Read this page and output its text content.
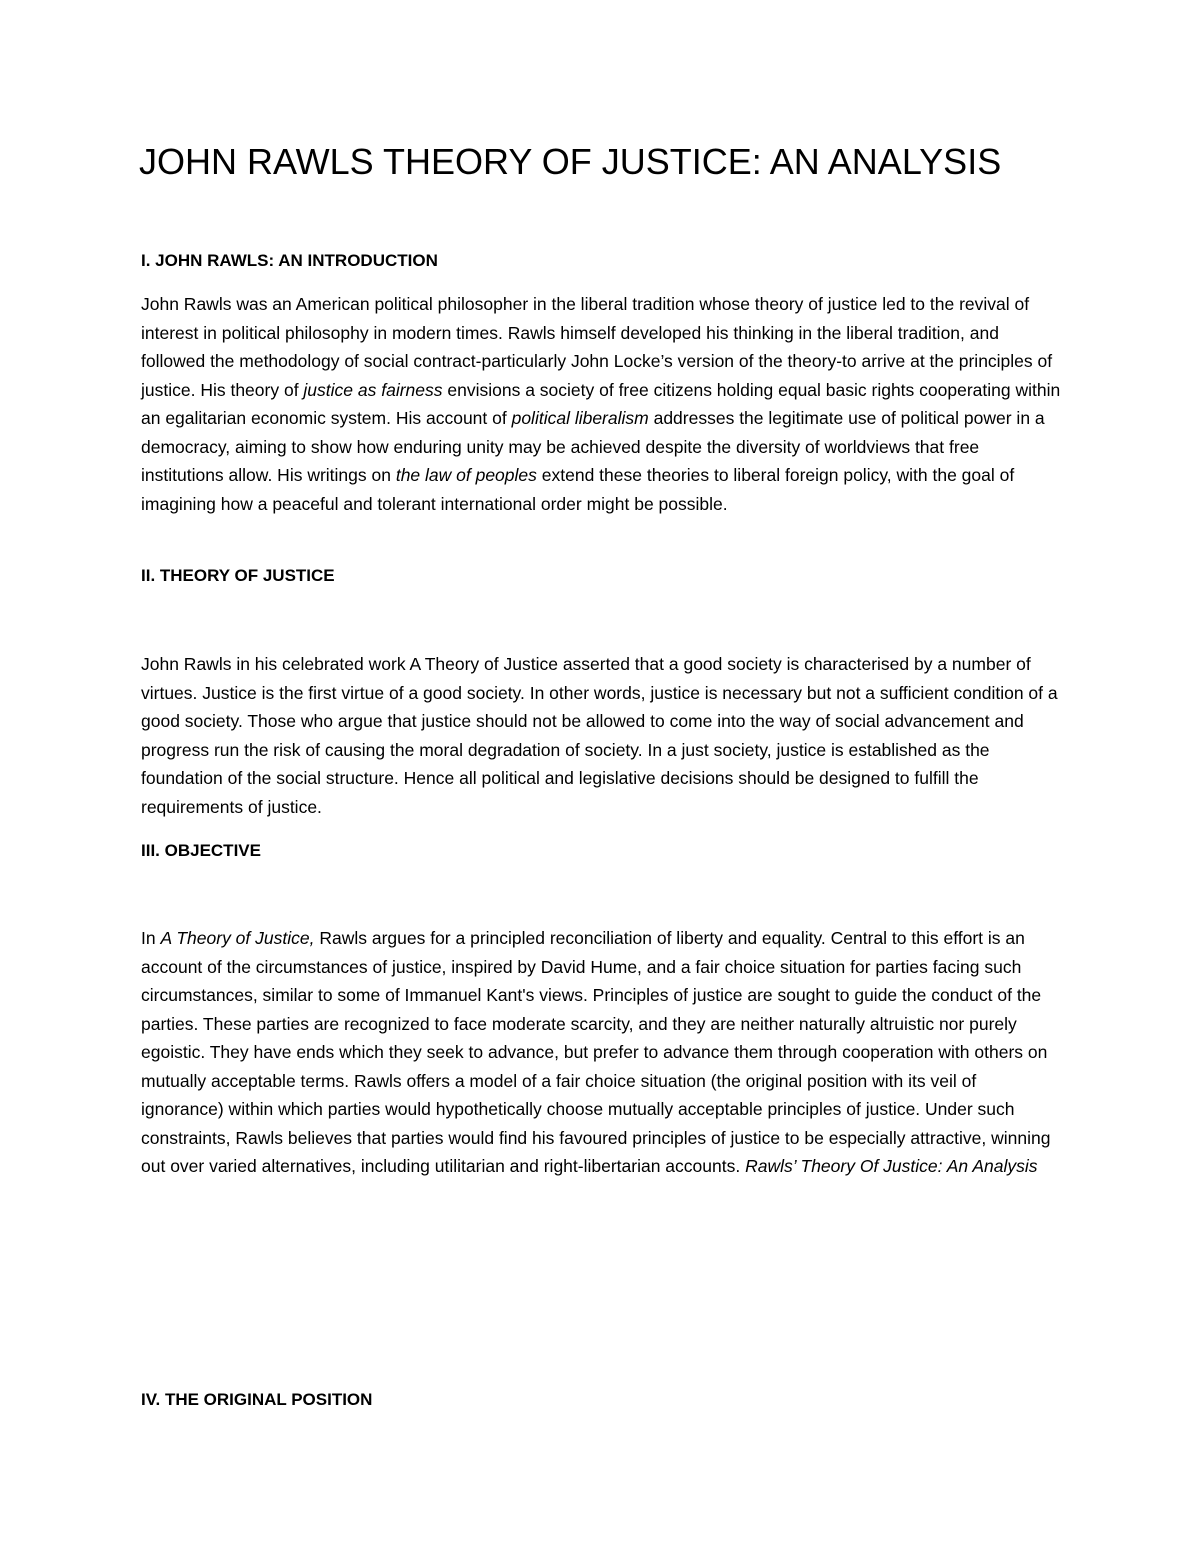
JOHN RAWLS THEORY OF JUSTICE: AN ANALYSIS
I. JOHN RAWLS: AN INTRODUCTION

John Rawls was an American political philosopher in the liberal tradition whose theory of justice led to the revival of interest in political philosophy in modern times. Rawls himself developed his thinking in the liberal tradition, and followed the methodology of social contract-particularly John Locke’s version of the theory-to arrive at the principles of justice. His theory of justice as fairness envisions a society of free citizens holding equal basic rights cooperating within an egalitarian economic system. His account of political liberalism addresses the legitimate use of political power in a democracy, aiming to show how enduring unity may be achieved despite the diversity of worldviews that free institutions allow. His writings on the law of peoples extend these theories to liberal foreign policy, with the goal of imagining how a peaceful and tolerant international order might be possible.

II. THEORY OF JUSTICE

John Rawls in his celebrated work A Theory of Justice asserted that a good society is characterised by a number of virtues. Justice is the first virtue of a good society. In other words, justice is necessary but not a sufficient condition of a good society. Those who argue that justice should not be allowed to come into the way of social advancement and progress run the risk of causing the moral degradation of society. In a just society, justice is established as the foundation of the social structure. Hence all political and legislative decisions should be designed to fulfill the requirements of justice.

III. OBJECTIVE

In A Theory of Justice, Rawls argues for a principled reconciliation of liberty and equality. Central to this effort is an account of the circumstances of justice, inspired by David Hume, and a fair choice situation for parties facing such circumstances, similar to some of Immanuel Kant's views. Principles of justice are sought to guide the conduct of the parties. These parties are recognized to face moderate scarcity, and they are neither naturally altruistic nor purely egoistic. They have ends which they seek to advance, but prefer to advance them through cooperation with others on mutually acceptable terms. Rawls offers a model of a fair choice situation (the original position with its veil of ignorance) within which parties would hypothetically choose mutually acceptable principles of justice. Under such constraints, Rawls believes that parties would find his favoured principles of justice to be especially attractive, winning out over varied alternatives, including utilitarian and right-libertarian accounts. Rawls’ Theory Of Justice: An Analysis

IV. THE ORIGINAL POSITION
